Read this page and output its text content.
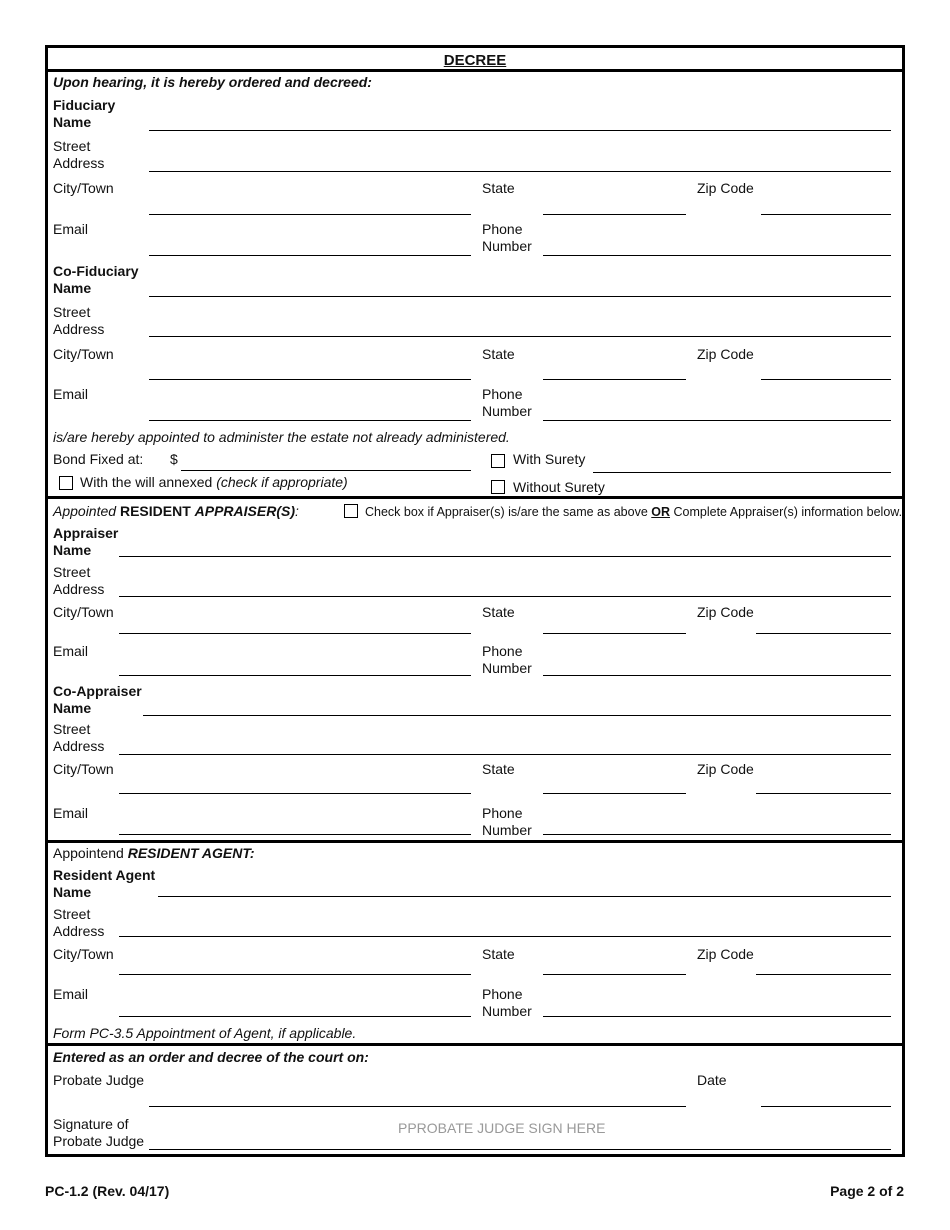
DECREE
Upon hearing, it is hereby ordered and decreed:
Fiduciary
Name
Street
Address
City/Town	State	Zip Code
Email	Phone
Number
Co-Fiduciary
Name
Street
Address
City/Town	State	Zip Code
Email	Phone
Number
is/are hereby appointed to administer the estate not already administered.
Bond Fixed at: $	With Surety
With the will annexed (check if appropriate)	Without Surety
Appointed RESIDENT APPRAISER(S):	Check box if Appraiser(s) is/are the same as above OR Complete Appraiser(s) information below.
Appraiser
Name
Street
Address
City/Town	State	Zip Code
Email	Phone
Number
Co-Appraiser
Name
Street
Address
City/Town	State	Zip Code
Email	Phone
Number
Appointend RESIDENT AGENT:
Resident Agent
Name
Street
Address
City/Town	State	Zip Code
Email	Phone
Number
Form PC-3.5 Appointment of Agent, if applicable.
Entered as an order and decree of the court on:
Probate Judge	Date
Signature of
Probate Judge
PPROBATE JUDGE SIGN HERE
PC-1.2 (Rev. 04/17)	Page 2 of 2
